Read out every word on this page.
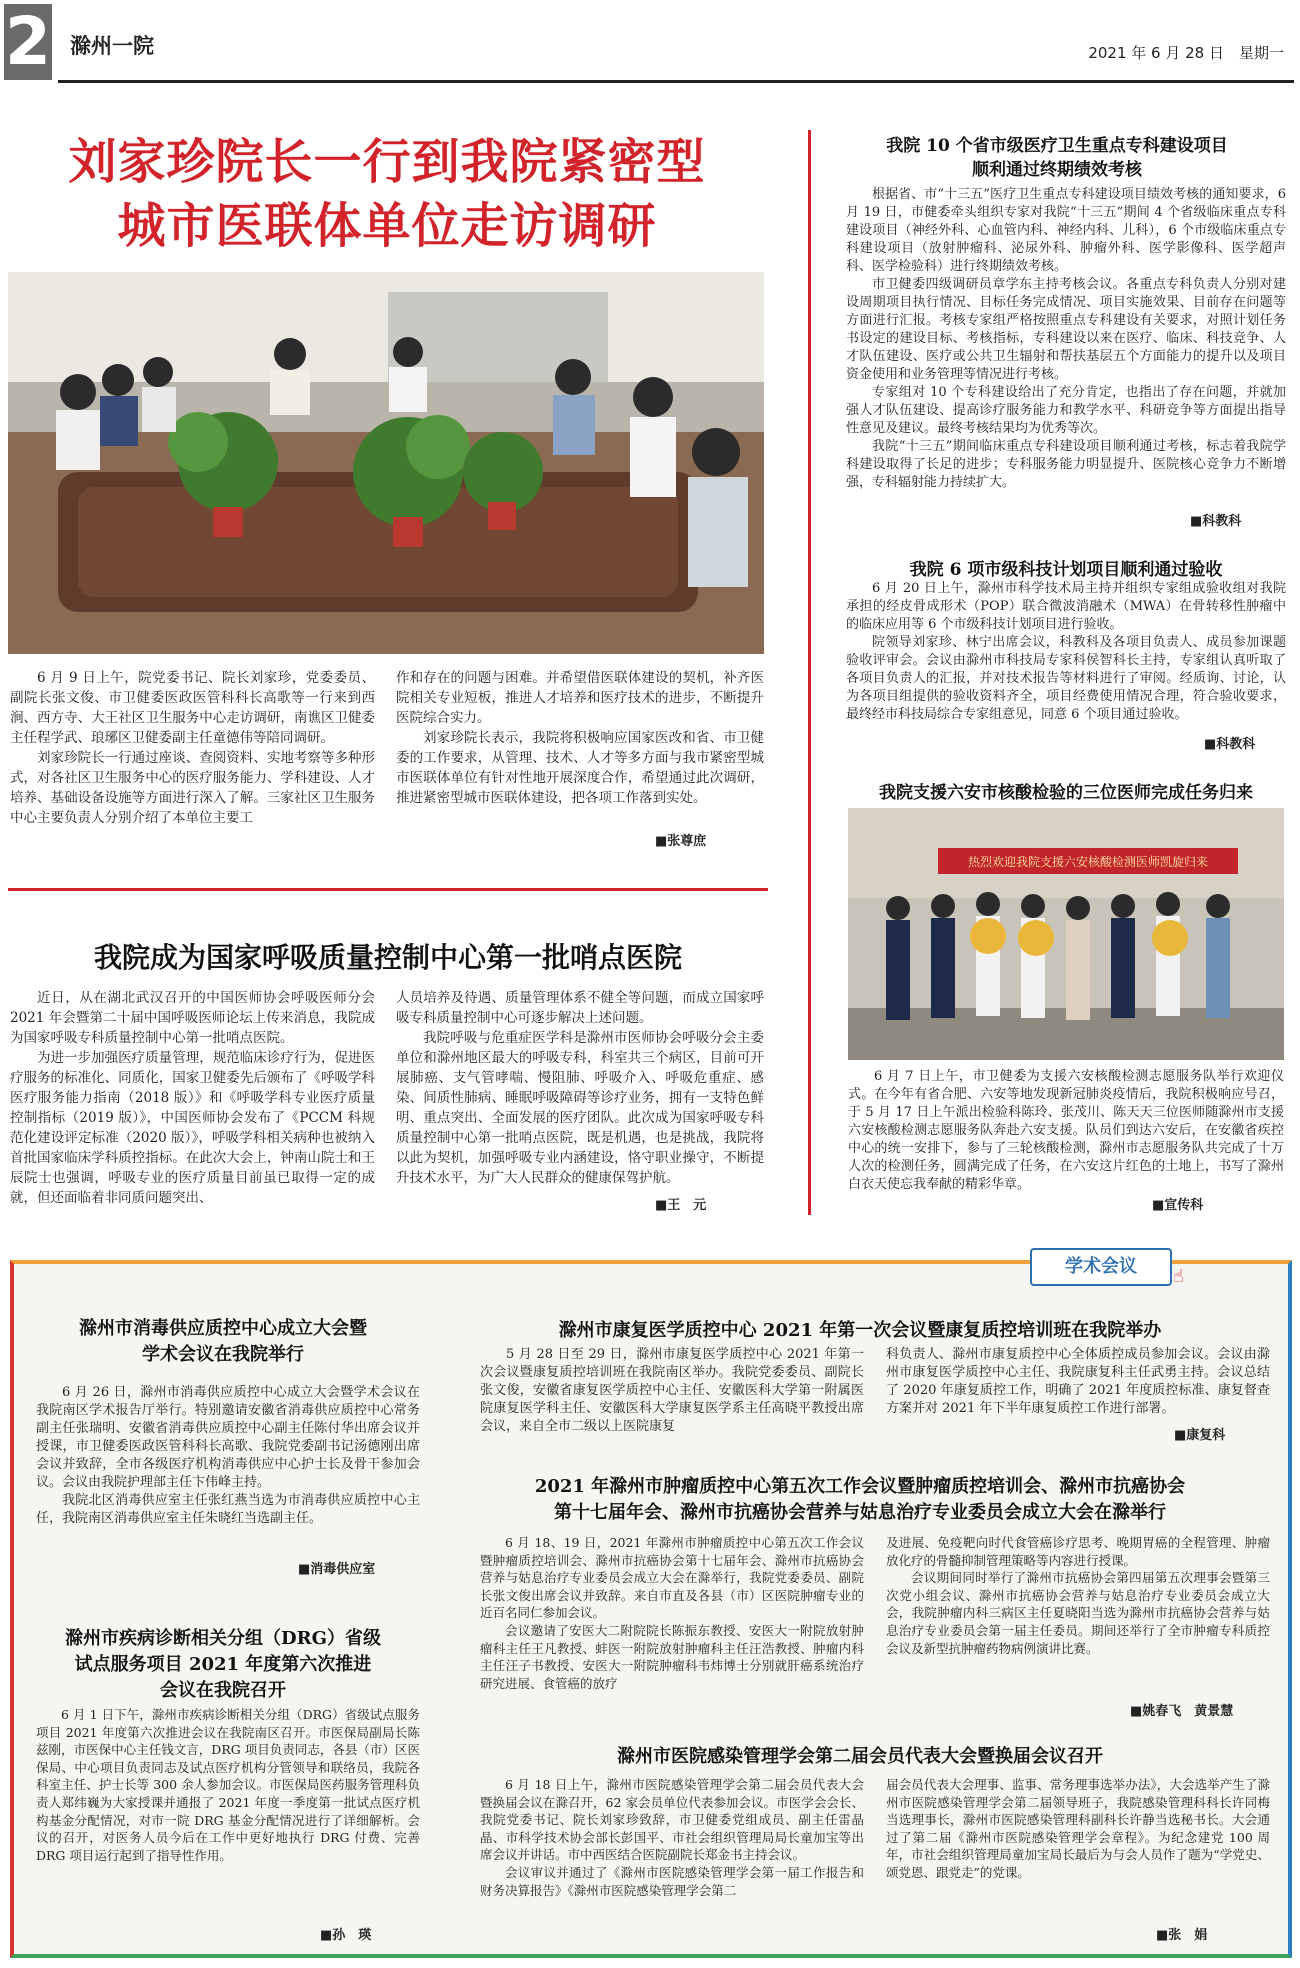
2 滁州一院	2021 年 6 月 28 日　星期一
刘家珍院长一行到我院紧密型
城市医联体单位走访调研

6 月 9 日上午，院党委书记、院长刘家珍，党委委员、副院长张文俊、市卫健委医政医管科科长高歌等一行来到西涧、西方寺、大王社区卫生服务中心走访调研，南谯区卫健委主任程学武、琅琊区卫健委副主任童德伟等陪同调研。

刘家珍院长一行通过座谈、查阅资料、实地考察等多种形式，对各社区卫生服务中心的医疗服务能力、学科建设、人才培养、基础设备设施等方面进行深入了解。三家社区卫生服务中心主要负责人分别介绍了本单位主要工

作和存在的问题与困难。并希望借医联体建设的契机，补齐医院相关专业短板，推进人才培养和医疗技术的进步，不断提升医院综合实力。

刘家珍院长表示，我院将积极响应国家医改和省、市卫健委的工作要求，从管理、技术、人才等多方面与我市紧密型城市医联体单位有针对性地开展深度合作，希望通过此次调研，推进紧密型城市医联体建设，把各项工作落到实处。

■ 张尊庶
我院成为国家呼吸质量控制中心第一批哨点医院

近日，从在湖北武汉召开的中国医师协会呼吸医师分会 2021 年会暨第二十届中国呼吸医师论坛上传来消息，我院成为国家呼吸专科质量控制中心第一批哨点医院。

为进一步加强医疗质量管理，规范临床诊疗行为，促进医疗服务的标准化、同质化，国家卫健委先后颁布了《呼吸学科医疗服务能力指南（2018 版）》和《呼吸学科专业医疗质量控制指标（2019 版）》，中国医师协会发布了《PCCM 科规范化建设评定标准（2020 版）》，呼吸学科相关病种也被纳入首批国家临床学科质控指标。在此次大会上，钟南山院士和王辰院士也强调，呼吸专业的医疗质量目前虽已取得一定的成就，但还面临着非同质问题突出、

人员培养及待遇、质量管理体系不健全等问题，而成立国家呼吸专科质量控制中心可逐步解决上述问题。

我院呼吸与危重症医学科是滁州市医师协会呼吸分会主委单位和滁州地区最大的呼吸专科，科室共三个病区，目前可开展肺癌、支气管哮喘、慢阻肺、呼吸介入、呼吸危重症、感染、间质性肺病、睡眠呼吸障碍等诊疗业务，拥有一支特色鲜明、重点突出、全面发展的医疗团队。此次成为国家呼吸专科质量控制中心第一批哨点医院，既是机遇，也是挑战，我院将以此为契机，加强呼吸专业内涵建设，恪守职业操守，不断提升技术水平，为广大人民群众的健康保驾护航。

■ 王　元
我院 10 个省市级医疗卫生重点专科建设项目
顺利通过终期绩效考核

根据省、市“十三五”医疗卫生重点专科建设项目绩效考核的通知要求，6 月 19 日，市健委牵头组织专家对我院“十三五”期间 4 个省级临床重点专科建设项目（神经外科、心血管内科、神经内科、儿科），6 个市级临床重点专科建设项目（放射肿瘤科、泌尿外科、肿瘤外科、医学影像科、医学超声科、医学检验科）进行终期绩效考核。

市卫健委四级调研员章学东主持考核会议。各重点专科负责人分别对建设周期项目执行情况、目标任务完成情况、项目实施效果、目前存在问题等方面进行汇报。考核专家组严格按照重点专科建设有关要求，对照计划任务书设定的建设目标、考核指标，专科建设以来在医疗、临床、科技竞争、人才队伍建设、医疗或公共卫生辐射和帮扶基层五个方面能力的提升以及项目资金使用和业务管理等情况进行考核。

专家组对 10 个专科建设给出了充分肯定，也指出了存在问题，并就加强人才队伍建设、提高诊疗服务能力和教学水平、科研竞争等方面提出指导性意见及建议。最终考核结果均为优秀等次。

我院“十三五”期间临床重点专科建设项目顺利通过考核，标志着我院学科建设取得了长足的进步；专科服务能力明显提升、医院核心竞争力不断增强，专科辐射能力持续扩大。

■ 科教科
我院 6 项市级科技计划项目顺利通过验收

6 月 20 日上午，滁州市科学技术局主持并组织专家组成验收组对我院承担的经皮骨成形术（POP）联合微波消融术（MWA）在骨转移性肿瘤中的临床应用等 6 个市级科技计划项目进行验收。

院领导刘家珍、林宁出席会议，科教科及各项目负责人、成员参加课题验收评审会。会议由滁州市科技局专家科侯智科长主持，专家组认真听取了各项目负责人的汇报，并对技术报告等材料进行了审阅。经质询、讨论，认为各项目组提供的验收资料齐全，项目经费使用情况合理，符合验收要求，最终经市科技局综合专家组意见，同意 6 个项目通过验收。

■ 科教科
我院支援六安市核酸检验的三位医师完成任务归来
热烈欢迎我院支援六安核酸检测医师凯旋归来

6 月 7 日上午，市卫健委为支援六安核酸检测志愿服务队举行欢迎仪式。在今年有省合肥、六安等地发现新冠肺炎疫情后，我院积极响应号召，于 5 月 17 日上午派出检验科陈玲、张茂川、陈天天三位医师随滁州市支援六安核酸检测志愿服务队奔赴六安支援。队员们到达六安后，在安徽省疾控中心的统一安排下，参与了三轮核酸检测，滁州市志愿服务队共完成了十万人次的检测任务，圆满完成了任务，在六安这片红色的土地上，书写了滁州白衣天使忘我奉献的精彩华章。

■ 宣传科
学术会议	☝
滁州市消毒供应质控中心成立大会暨
学术会议在我院举行

6 月 26 日，滁州市消毒供应质控中心成立大会暨学术会议在我院南区学术报告厅举行。特别邀请安徽省消毒供应质控中心常务副主任张瑞明、安徽省消毒供应质控中心副主任陈付华出席会议并授课，市卫健委医政医管科科长高歌、我院党委副书记汤德刚出席会议并致辞，全市各级医疗机构消毒供应中心护士长及骨干参加会议。会议由我院护理部主任卞伟峰主持。

我院北区消毒供应室主任张红燕当选为市消毒供应质控中心主任，我院南区消毒供应室主任朱晓红当选副主任。

■ 消毒供应室
滁州市疾病诊断相关分组（DRG）省级
试点服务项目 2021 年度第六次推进
会议在我院召开

6 月 1 日下午，滁州市疾病诊断相关分组（DRG）省级试点服务项目 2021 年度第六次推进会议在我院南区召开。市医保局副局长陈兹刚，市医保中心主任钱文言，DRG 项目负责同志，各县（市）区医保局、中心项目负责同志及试点医疗机构分管领导和联络员，我院各科室主任、护士长等 300 余人参加会议。市医保局医药服务管理科负责人郑纬巍为大家授课并通报了 2021 年度一季度第一批试点医疗机构基金分配情况，对市一院 DRG 基金分配情况进行了详细解析。会议的召开，对医务人员今后在工作中更好地执行 DRG 付费、完善 DRG 项目运行起到了指导性作用。

■ 孙　瑛
滁州市康复医学质控中心 2021 年第一次会议暨康复质控培训班在我院举办

5 月 28 日至 29 日，滁州市康复医学质控中心 2021 年第一次会议暨康复质控培训班在我院南区举办。我院党委委员、副院长张文俊，安徽省康复医学质控中心主任、安徽医科大学第一附属医院康复医学科主任、安徽医科大学康复医学系主任高晓平教授出席会议，来自全市二级以上医院康复

科负责人、滁州市康复质控中心全体质控成员参加会议。会议由滁州市康复医学质控中心主任、我院康复科主任武勇主持。会议总结了 2020 年康复质控工作，明确了 2021 年度质控标准、康复督查方案并对 2021 年下半年康复质控工作进行部署。

■ 康复科
2021 年滁州市肿瘤质控中心第五次工作会议暨肿瘤质控培训会、滁州市抗癌协会
第十七届年会、滁州市抗癌协会营养与姑息治疗专业委员会成立大会在滁举行

6 月 18、19 日，2021 年滁州市肿瘤质控中心第五次工作会议暨肿瘤质控培训会、滁州市抗癌协会第十七届年会、滁州市抗癌协会营养与姑息治疗专业委员会成立大会在滁举行，我院党委委员、副院长张文俊出席会议并致辞。来自市直及各县（市）区医院肿瘤专业的近百名同仁参加会议。

会议邀请了安医大二附院院长陈振东教授、安医大一附院放射肿瘤科主任王凡教授、蚌医一附院放射肿瘤科主任汪浩教授、肿瘤内科主任汪子书教授、安医大一附院肿瘤科韦炜博士分别就肝癌系统治疗研究进展、食管癌的放疗

及进展、免疫靶向时代食管癌诊疗思考、晚期胃癌的全程管理、肿瘤放化疗的骨髓抑制管理策略等内容进行授课。

会议期间同时举行了滁州市抗癌协会第四届第五次理事会暨第三次党小组会议、滁州市抗癌协会营养与姑息治疗专业委员会成立大会，我院肿瘤内科三病区主任夏晓阳当选为滁州市抗癌协会营养与姑息治疗专业委员会第一届主任委员。期间还举行了全市肿瘤专科质控会议及新型抗肿瘤药物病例演讲比赛。

■ 姚春飞　黄景慧
滁州市医院感染管理学会第二届会员代表大会暨换届会议召开

6 月 18 日上午，滁州市医院感染管理学会第二届会员代表大会暨换届会议在滁召开，62 家会员单位代表参加会议。市医学会会长、我院党委书记、院长刘家珍致辞，市卫健委党组成员、副主任雷晶晶、市科学技术协会部长彭国平、市社会组织管理局局长童加宝等出席会议并讲话。市中西医结合医院副院长郑金书主持会议。

会议审议并通过了《滁州市医院感染管理学会第一届工作报告和财务决算报告》《滁州市医院感染管理学会第二

届会员代表大会理事、监事、常务理事选举办法》，大会选举产生了滁州市医院感染管理学会第二届领导班子，我院感染管理科科长许同梅当选理事长，滁州市医院感染管理科副科长许静当选秘书长。大会通过了第二届《滁州市医院感染管理学会章程》。为纪念建党 100 周年，市社会组织管理局童加宝局长最后为与会人员作了题为“学党史、颂党恩、跟党走”的党课。

■ 张　娟
